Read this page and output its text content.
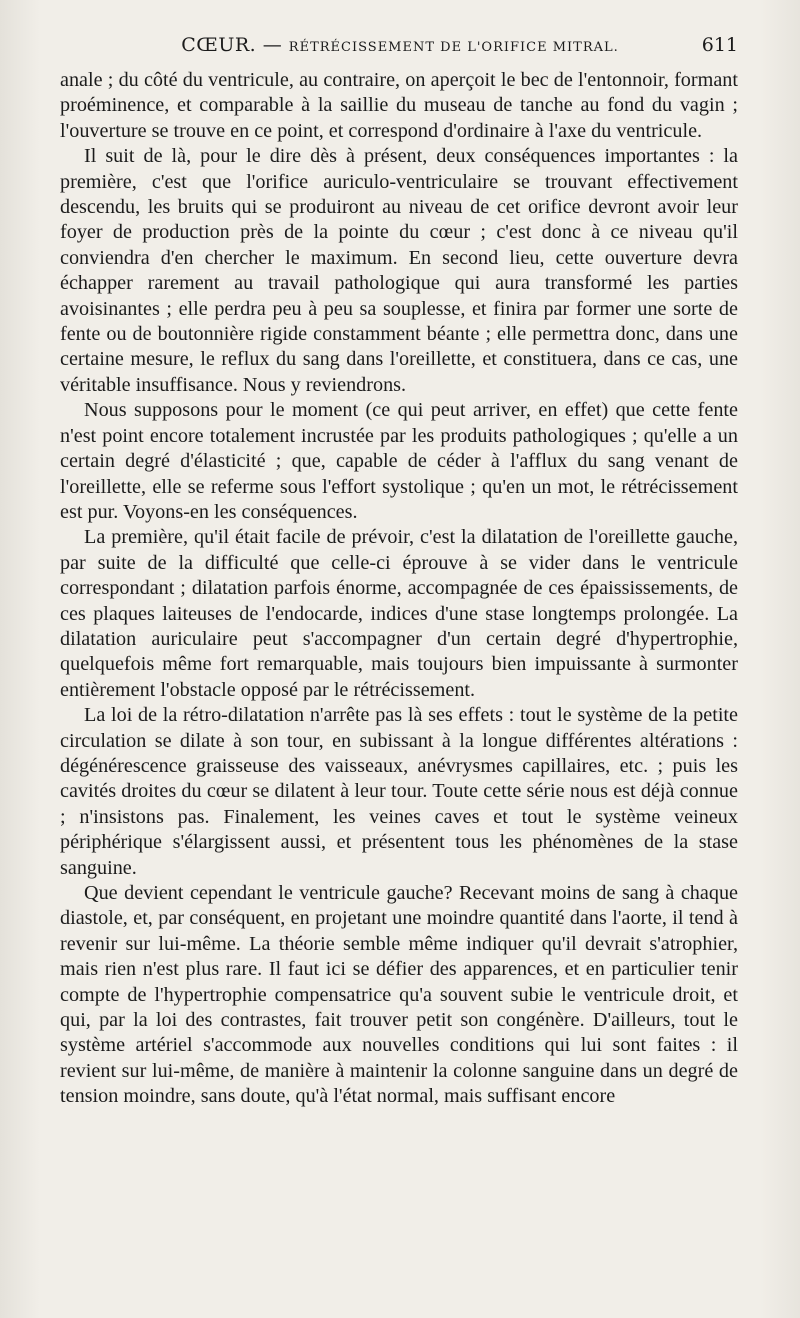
CŒUR. — RÉTRÉCISSEMENT DE L'ORIFICE MITRAL.	611

anale ; du côté du ventricule, au contraire, on aperçoit le bec de l'entonnoir, formant proéminence, et comparable à la saillie du museau de tanche au fond du vagin ; l'ouverture se trouve en ce point, et correspond d'ordinaire à l'axe du ventricule.

Il suit de là, pour le dire dès à présent, deux conséquences importantes : la première, c'est que l'orifice auriculo-ventriculaire se trouvant effectivement descendu, les bruits qui se produiront au niveau de cet orifice devront avoir leur foyer de production près de la pointe du cœur ; c'est donc à ce niveau qu'il conviendra d'en chercher le maximum. En second lieu, cette ouverture devra échapper rarement au travail pathologique qui aura transformé les parties avoisinantes ; elle perdra peu à peu sa souplesse, et finira par former une sorte de fente ou de boutonnière rigide constamment béante ; elle permettra donc, dans une certaine mesure, le reflux du sang dans l'oreillette, et constituera, dans ce cas, une véritable insuffisance. Nous y reviendrons.

Nous supposons pour le moment (ce qui peut arriver, en effet) que cette fente n'est point encore totalement incrustée par les produits pathologiques ; qu'elle a un certain degré d'élasticité ; que, capable de céder à l'afflux du sang venant de l'oreillette, elle se referme sous l'effort systolique ; qu'en un mot, le rétrécissement est pur. Voyons-en les conséquences.

La première, qu'il était facile de prévoir, c'est la dilatation de l'oreillette gauche, par suite de la difficulté que celle-ci éprouve à se vider dans le ventricule correspondant ; dilatation parfois énorme, accompagnée de ces épaississements, de ces plaques laiteuses de l'endocarde, indices d'une stase longtemps prolongée. La dilatation auriculaire peut s'accompagner d'un certain degré d'hypertrophie, quelquefois même fort remarquable, mais toujours bien impuissante à surmonter entièrement l'obstacle opposé par le rétrécissement.

La loi de la rétro-dilatation n'arrête pas là ses effets : tout le système de la petite circulation se dilate à son tour, en subissant à la longue différentes altérations : dégénérescence graisseuse des vaisseaux, anévrysmes capillaires, etc. ; puis les cavités droites du cœur se dilatent à leur tour. Toute cette série nous est déjà connue ; n'insistons pas. Finalement, les veines caves et tout le système veineux périphérique s'élargissent aussi, et présentent tous les phénomènes de la stase sanguine.

Que devient cependant le ventricule gauche? Recevant moins de sang à chaque diastole, et, par conséquent, en projetant une moindre quantité dans l'aorte, il tend à revenir sur lui-même. La théorie semble même indiquer qu'il devrait s'atrophier, mais rien n'est plus rare. Il faut ici se défier des apparences, et en particulier tenir compte de l'hypertrophie compensatrice qu'a souvent subie le ventricule droit, et qui, par la loi des contrastes, fait trouver petit son congénère. D'ailleurs, tout le système artériel s'accommode aux nouvelles conditions qui lui sont faites : il revient sur lui-même, de manière à maintenir la colonne sanguine dans un degré de tension moindre, sans doute, qu'à l'état normal, mais suffisant encore
